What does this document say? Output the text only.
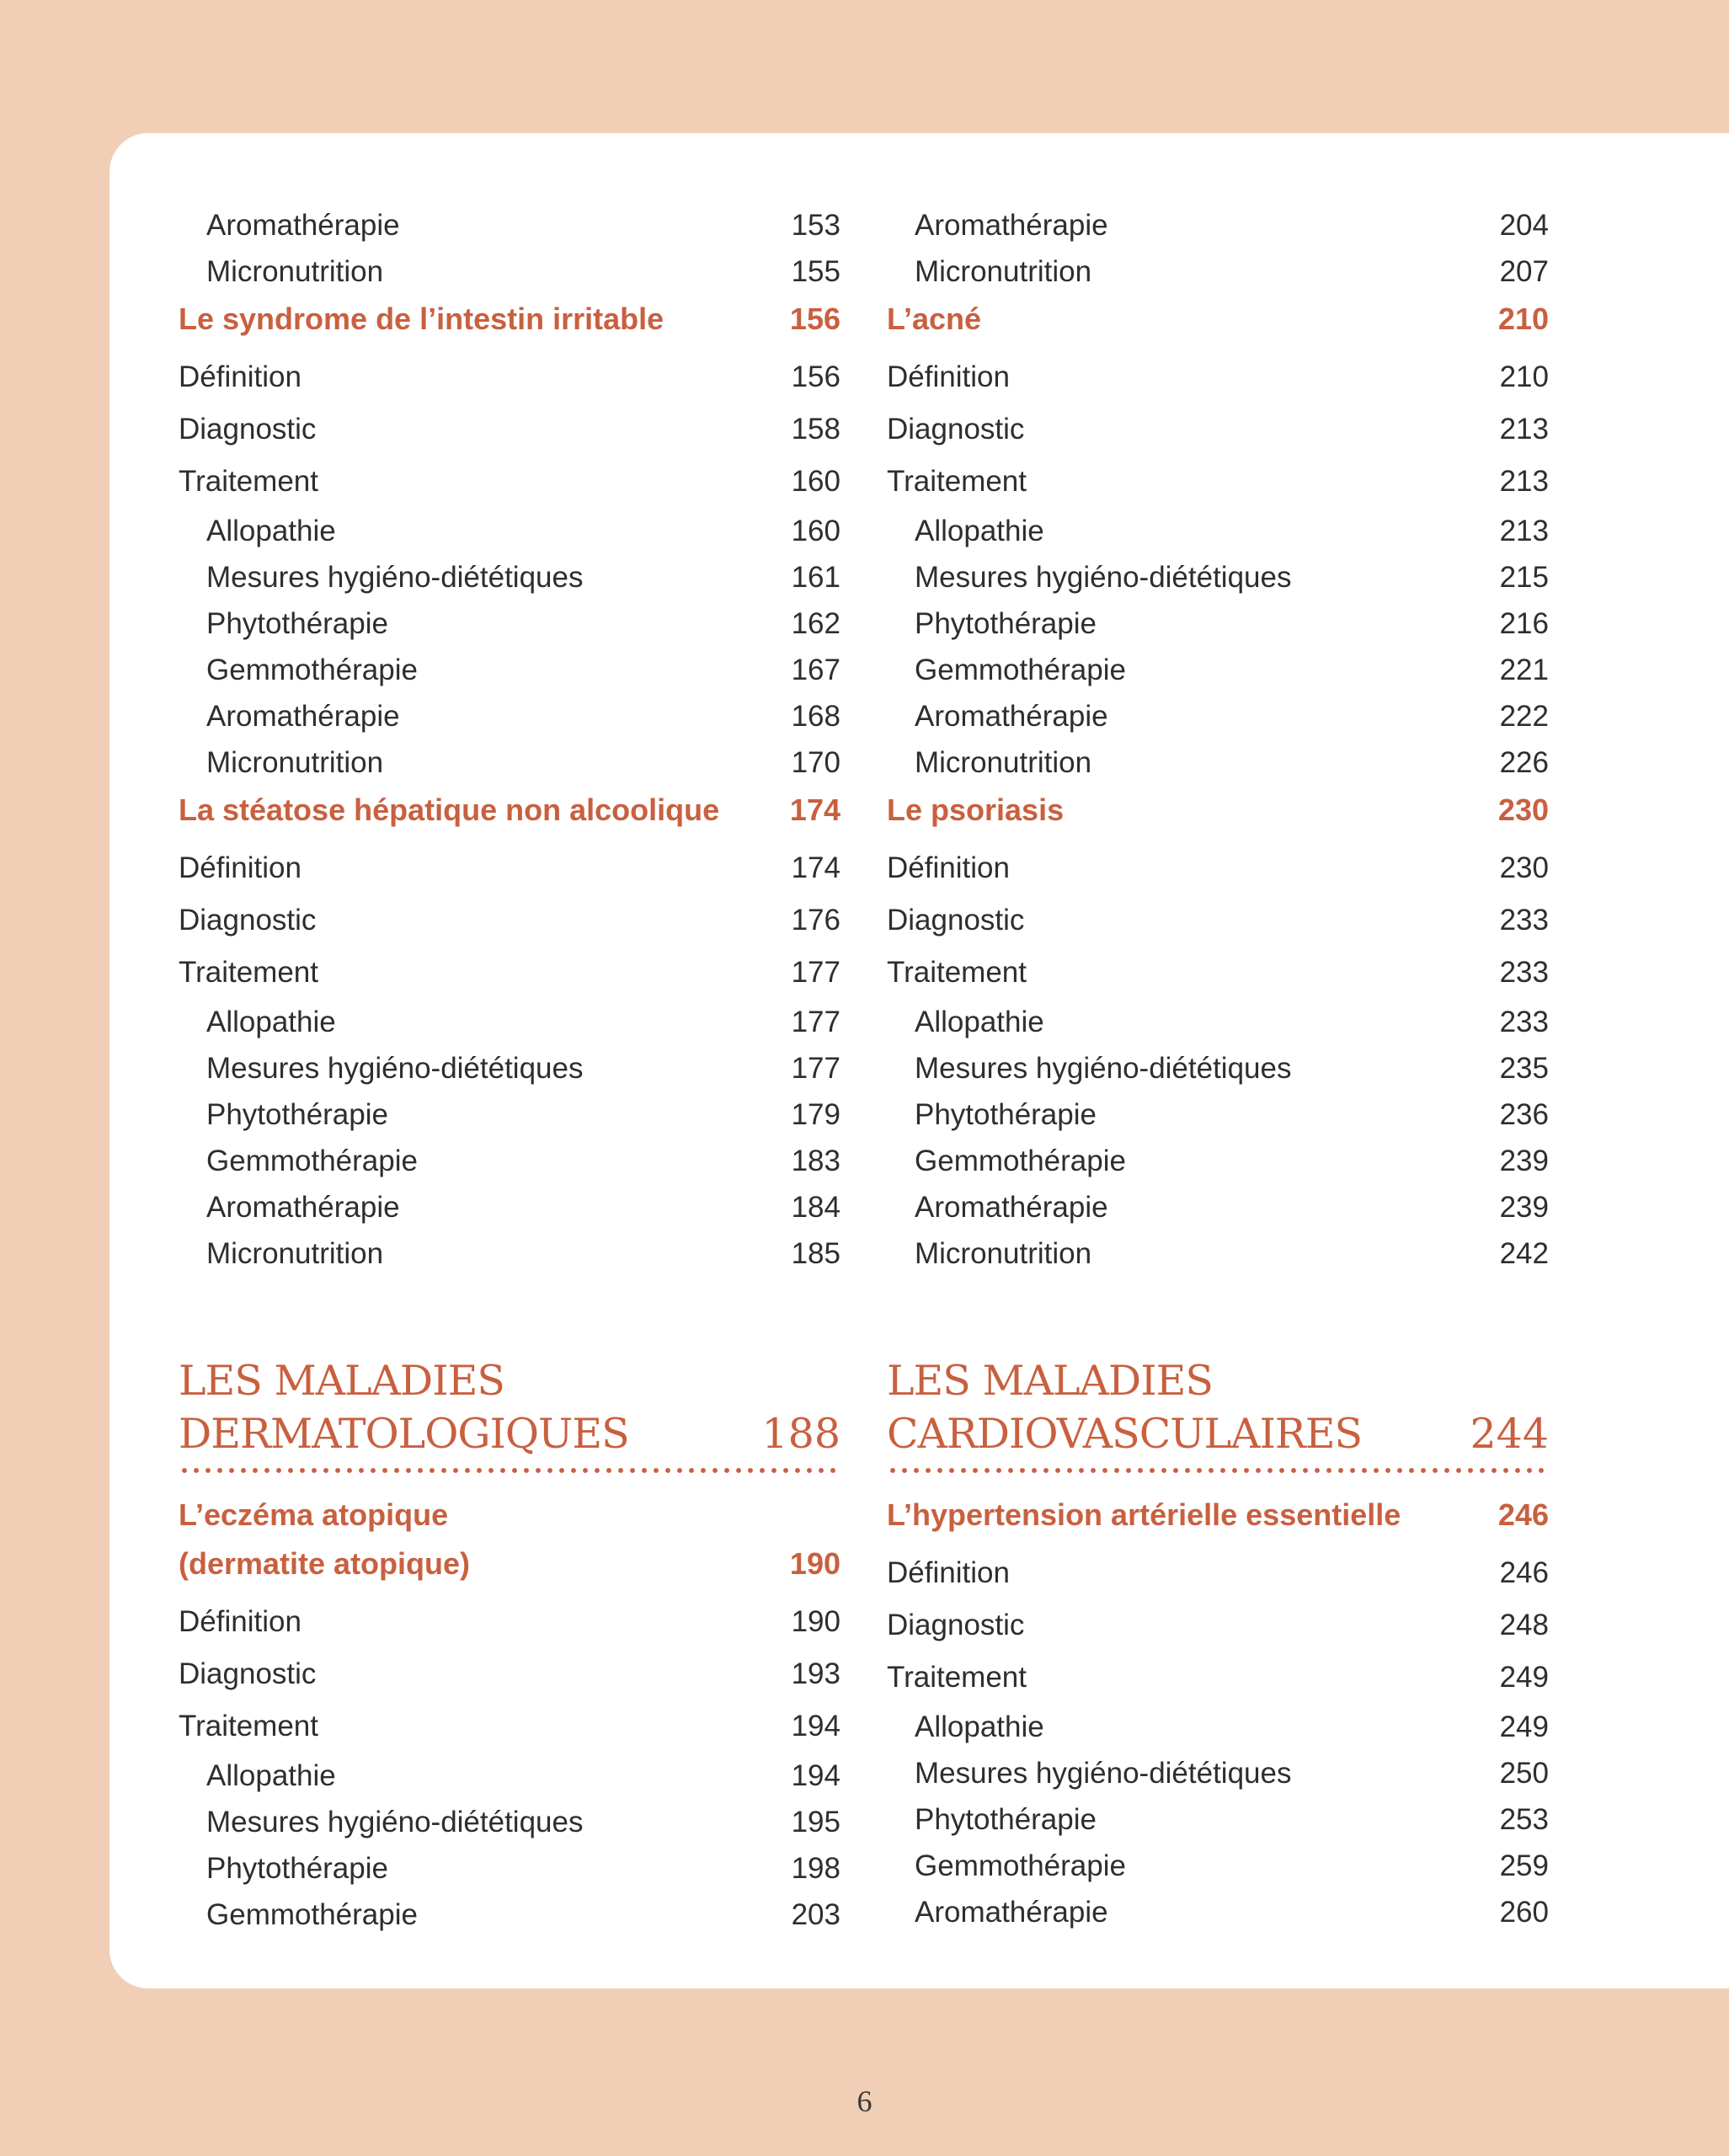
Aromathérapie	153
Micronutrition	155
Le syndrome de l’intestin irritable	156
Définition	156
Diagnostic	158
Traitement	160
Allopathie	160
Mesures hygiéno-diététiques	161
Phytothérapie	162
Gemmothérapie	167
Aromathérapie	168
Micronutrition	170
La stéatose hépatique non alcoolique 174
Définition	174
Diagnostic	176
Traitement	177
Allopathie	177
Mesures hygiéno-diététiques	177
Phytothérapie	179
Gemmothérapie	183
Aromathérapie	184
Micronutrition	185
LES MALADIES
DERMATOLOGIQUES	188
L’eczéma atopique
(dermatite atopique)	190
Définition	190
Diagnostic	193
Traitement	194
Allopathie	194
Mesures hygiéno-diététiques	195
Phytothérapie	198
Gemmothérapie	203
Aromathérapie	204
Micronutrition	207
L’acné	210
Définition	210
Diagnostic	213
Traitement	213
Allopathie	213
Mesures hygiéno-diététiques	215
Phytothérapie	216
Gemmothérapie	221
Aromathérapie	222
Micronutrition	226
Le psoriasis	230
Définition	230
Diagnostic	233
Traitement	233
Allopathie	233
Mesures hygiéno-diététiques	235
Phytothérapie	236
Gemmothérapie	239
Aromathérapie	239
Micronutrition	242
LES MALADIES
CARDIOVASCULAIRES	244
L’hypertension artérielle essentielle	246
Définition	246
Diagnostic	248
Traitement	249
Allopathie	249
Mesures hygiéno-diététiques	250
Phytothérapie	253
Gemmothérapie	259
Aromathérapie	260
6
